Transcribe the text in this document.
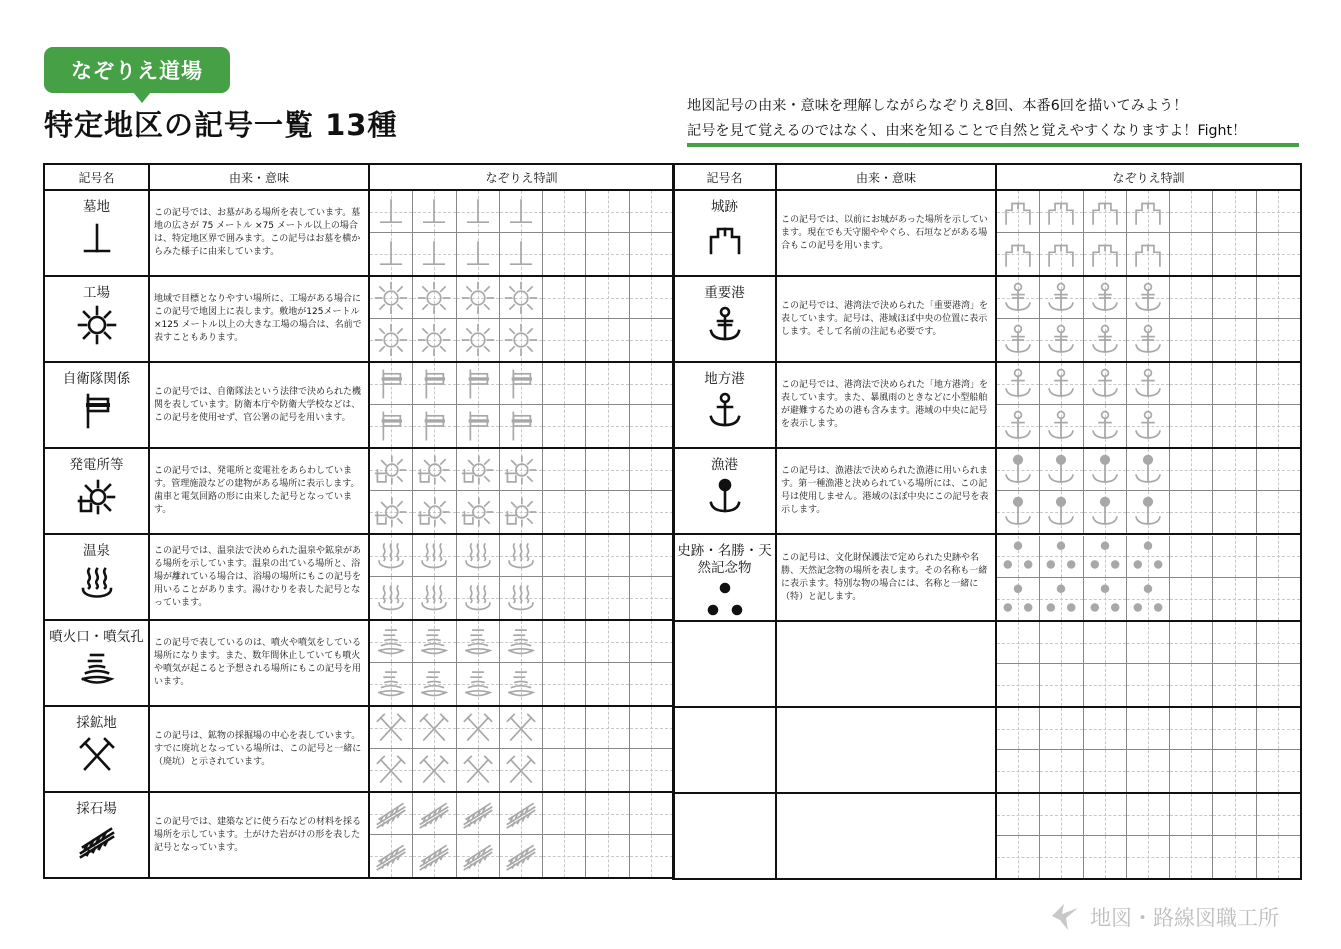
なぞりえ道場
特定地区の記号一覧 13種
地図記号の由来・意味を理解しながらなぞりえ8回、本番6回を描いてみよう！
記号を見て覚えるのではなく、由来を知ることで自然と覚えやすくなりますよ！Fight！
記号名	由来・意味	なぞりえ特訓

墓地	この記号では、お墓がある場所を表しています。墓地の広さが 75 メートル ×75 メートル以上の場合は、特定地区界で囲みます。この記号はお墓を横からみた様子に由来しています。	

工場	地域で目標となりやすい場所に、工場がある場合にこの記号で地図上に表します。敷地が125メートル ×125 メートル以上の大きな工場の場合は、名前で表すこともあります。	

自衛隊関係	この記号では、自衛隊法という法律で決められた機関を表しています。防衛本庁や防衛大学校などは、この記号を使用せず、官公署の記号を用います。	

発電所等	この記号では、発電所と変電社をあらわしています。管理施設などの建物がある場所に表示します。歯車と電気回路の形に由来した記号となっています。	

温泉	この記号では、温泉法で決められた温泉や鉱泉がある場所を示しています。温泉の出ている場所と、浴場が離れている場合は、浴場の場所にもこの記号を用いることがあります。湯けむりを表した記号となっています。	

噴火口・噴気孔	この記号で表しているのは、噴火や噴気をしている場所になります。また、数年間休止していても噴火や噴気が起こると予想される場所にもこの記号を用います。	

採鉱地	この記号は、鉱物の採掘場の中心を表しています。すでに廃坑となっている場所は、この記号と一緒に（廃坑）と示されています。	

採石場	この記号では、建築などに使う石などの材料を採る場所を示しています。土がけた岩がけの形を表した記号となっています。	
記号名	由来・意味	なぞりえ特訓

城跡	この記号では、以前にお城があった場所を示しています。現在でも天守閣ややぐら、石垣などがある場合もこの記号を用います。	

重要港	この記号では、港湾法で決められた「重要港湾」を表しています。記号は、港域ほぼ中央の位置に表示します。そして名前の注記も必要です。	

地方港	この記号では、港湾法で決められた「地方港湾」を表しています。また、暴風雨のときなどに小型船舶が避難するための港も含みます。港域の中央に記号を表示します。	

漁港	この記号は、漁港法で決められた漁港に用いられます。第一種漁港と決められている場所には、この記号は使用しません。港域のほぼ中央にこの記号を表示します。	

史跡・名勝・天然記念物	この記号は、文化財保護法で定められた史跡や名勝、天然記念物の場所を表します。その名称も一緒に表示ます。特別な物の場合には、名称と一緒に（特）と記します。	

地図・路線図職工所
